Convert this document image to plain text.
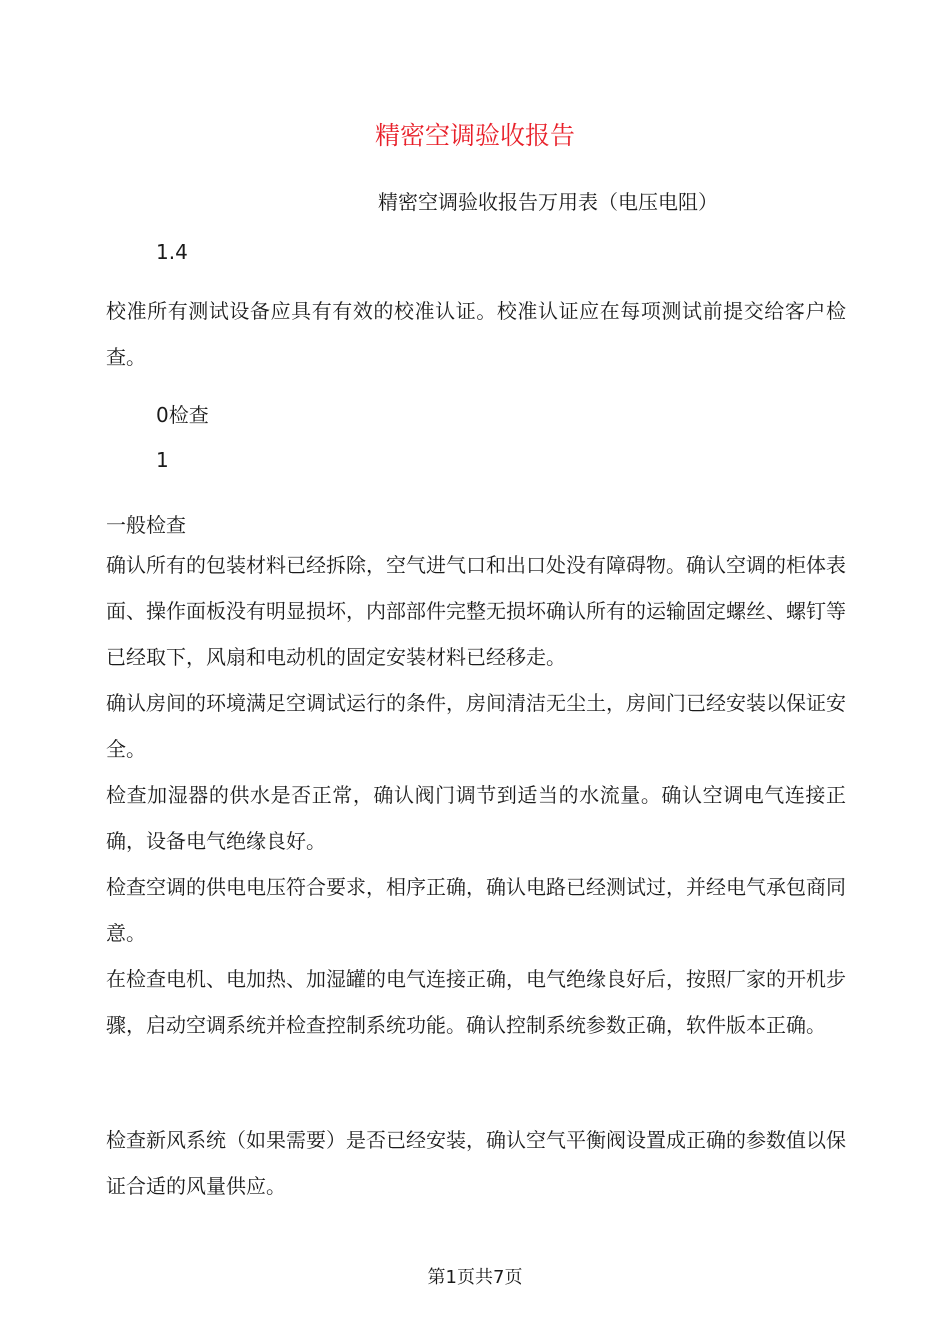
精密空调验收报告

精密空调验收报告万用表（电压电阻）

1.4

校准所有测试设备应具有有效的校准认证。校准认证应在每项测试前提交给客户检查。

0检查

1

一般检查

确认所有的包装材料已经拆除，空气进气口和出口处没有障碍物。确认空调的柜体表面、操作面板没有明显损坏，内部部件完整无损坏确认所有的运输固定螺丝、螺钉等已经取下，风扇和电动机的固定安装材料已经移走。

确认房间的环境满足空调试运行的条件，房间清洁无尘土，房间门已经安装以保证安全。

检查加湿器的供水是否正常，确认阀门调节到适当的水流量。确认空调电气连接正确，设备电气绝缘良好。

检查空调的供电电压符合要求，相序正确，确认电路已经测试过，并经电气承包商同意。

在检查电机、电加热、加湿罐的电气连接正确，电气绝缘良好后，按照厂家的开机步骤，启动空调系统并检查控制系统功能。确认控制系统参数正确，软件版本正确。

检查新风系统（如果需要）是否已经安装，确认空气平衡阀设置成正确的参数值以保证合适的风量供应。

第1页共7页
